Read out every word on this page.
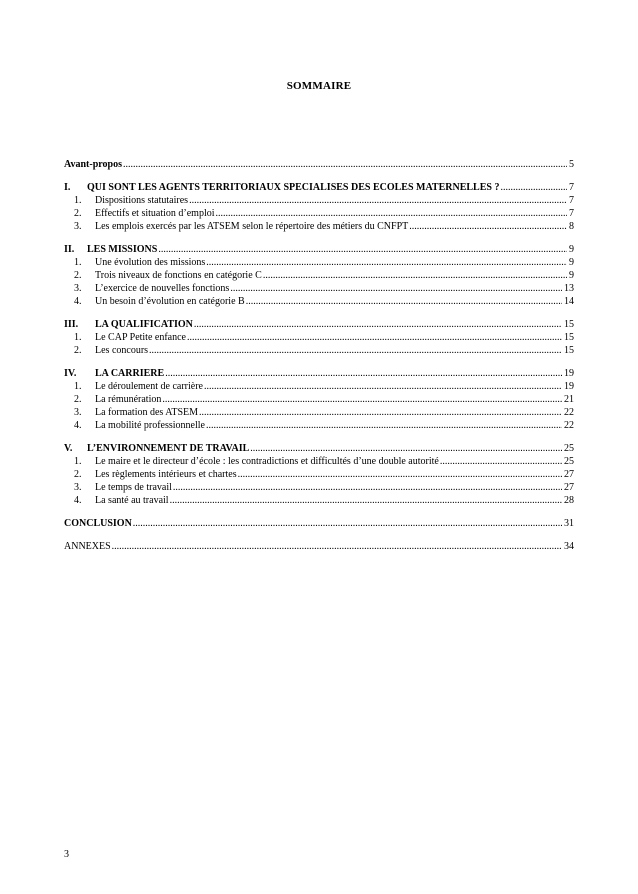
SOMMAIRE
Avant-propos .....	5
I.	QUI SONT LES AGENTS TERRITORIAUX SPECIALISES DES ECOLES MATERNELLES ? .....	7
1.	Dispositions statutaires .....	7
2.	Effectifs et situation d’emploi .....	7
3.	Les emplois exercés par les ATSEM selon le répertoire des métiers du CNFPT .....	8
II.	LES MISSIONS .....	9
1.	Une évolution des missions .....	9
2.	Trois niveaux de fonctions en catégorie C .....	9
3.	L’exercice de nouvelles fonctions .....	13
4.	Un besoin d’évolution en catégorie B .....	14
III.	LA QUALIFICATION .....	15
1.	Le CAP Petite enfance .....	15
2.	Les concours .....	15
IV.	LA CARRIERE .....	19
1.	Le déroulement de carrière .....	19
2.	La rémunération .....	21
3.	La formation des ATSEM .....	22
4.	La mobilité professionnelle .....	22
V.	L’ENVIRONNEMENT DE TRAVAIL .....	25
1.	Le maire et le directeur d’école : les contradictions et difficultés d’une double autorité .....	25
2.	Les règlements intérieurs et chartes .....	27
3.	Le temps de travail .....	27
4.	La santé au travail .....	28
CONCLUSION .....	31
ANNEXES .....	34
3
